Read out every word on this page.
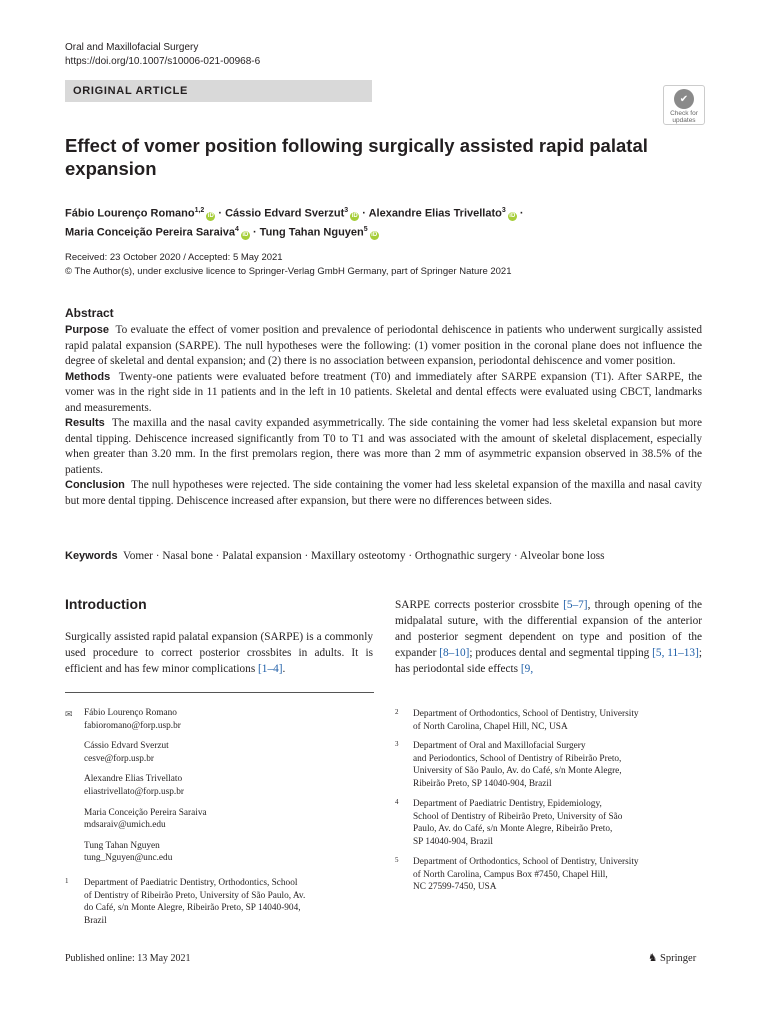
Oral and Maxillofacial Surgery
https://doi.org/10.1007/s10006-021-00968-6
ORIGINAL ARTICLE
✔
Check for
updates
Effect of vomer position following surgically assisted rapid palatal expansion
Fábio Lourenço Romano$^{1,2}$iD · Cássio Edvard Sverzut$^3$iD · Alexandre Elias Trivellato$^3$iD ·
Maria Conceição Pereira Saraiva$^4$iD · Tung Tahan Nguyen$^5$iD
Received: 23 October 2020 / Accepted: 5 May 2021
© The Author(s), under exclusive licence to Springer-Verlag GmbH Germany, part of Springer Nature 2021
Abstract

Purpose To evaluate the effect of vomer position and prevalence of periodontal dehiscence in patients who underwent surgically assisted rapid palatal expansion (SARPE). The null hypotheses were the following: (1) vomer position in the coronal plane does not influence the degree of skeletal and dental expansion; and (2) there is no association between expansion, periodontal dehiscence and vomer position.

Methods Twenty-one patients were evaluated before treatment (T0) and immediately after SARPE expansion (T1). After SARPE, the vomer was in the right side in 11 patients and in the left in 10 patients. Skeletal and dental effects were evaluated using CBCT, landmarks and measurements.

Results The maxilla and the nasal cavity expanded asymmetrically. The side containing the vomer had less skeletal expansion but more dental tipping. Dehiscence increased significantly from T0 to T1 and was associated with the amount of skeletal displacement, especially when greater than 3.20 mm. In the first premolars region, there was more than 2 mm of asymmetric expansion observed in 38.5% of the patients.

Conclusion The null hypotheses were rejected. The side containing the vomer had less skeletal expansion of the maxilla and nasal cavity but more dental tipping. Dehiscence increased after expansion, but there were no differences between sides.

Keywords Vomer · Nasal bone · Palatal expansion · Maxillary osteotomy · Orthognathic surgery · Alveolar bone loss
Introduction
Surgically assisted rapid palatal expansion (SARPE) is a commonly used procedure to correct posterior crossbites in adults. It is efficient and has few minor complications [1–4].
SARPE corrects posterior crossbite [5–7], through opening of the midpalatal suture, with the differential expansion of the anterior and posterior segment dependent on type and position of the expander [8–10]; produces dental and segmental tipping [5, 11–13]; has periodontal side effects [9,
✉ Fábio Lourenço Romano
fabioromano@forp.usp.br
Cássio Edvard Sverzut
cesve@forp.usp.br
Alexandre Elias Trivellato
eliastrivellato@forp.usp.br
Maria Conceição Pereira Saraiva
mdsaraiv@umich.edu
Tung Tahan Nguyen
tung_Nguyen@unc.edu
1 Department of Paediatric Dentistry, Orthodontics, School
of Dentistry of Ribeirão Preto, University of São Paulo, Av.
do Café, s/n Monte Alegre, Ribeirão Preto, SP 14040-904,
Brazil
2 Department of Orthodontics, School of Dentistry, University
of North Carolina, Chapel Hill, NC, USA
3 Department of Oral and Maxillofacial Surgery
and Periodontics, School of Dentistry of Ribeirão Preto,
University of São Paulo, Av. do Café, s/n Monte Alegre,
Ribeirão Preto, SP 14040-904, Brazil
4 Department of Paediatric Dentistry, Epidemiology,
School of Dentistry of Ribeirão Preto, University of São
Paulo, Av. do Café, s/n Monte Alegre, Ribeirão Preto,
SP 14040-904, Brazil
5 Department of Orthodontics, School of Dentistry, University
of North Carolina, Campus Box #7450, Chapel Hill,
NC 27599-7450, USA
Published online: 13 May 2021	♞ Springer
